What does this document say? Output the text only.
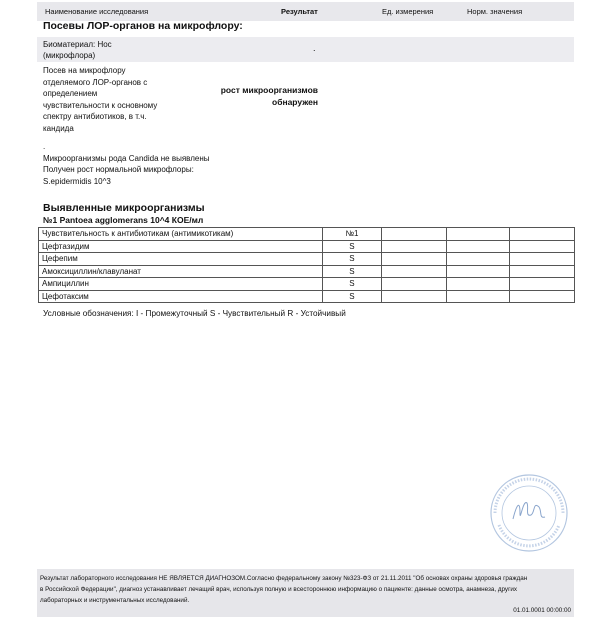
Наименование исследования	Результат	Ед. измерения	Норм. значения
Посевы ЛОР-органов на микрофлору:
Биоматериал: Нос
(микрофлора)
.
Посев на микрофлору
отделяемого ЛОР-органов с
определением
чувствительности к основному
спектру антибиотиков, в т.ч.
кандида
рост микроорганизмов
обнаружен
.
Микроорганизмы рода Candida не выявлены
Получен рост нормальной микрофлоры:
S.epidermidis 10^3
Выявленные микроорганизмы
№1 Pantoea agglomerans 10^4 КОЕ/мл
Чувствительность к антибиотикам (антимикотикам)	№1			
Цефтазидим	S			
Цефепим	S			
Амоксициллин/клавуланат	S			
Ампициллин	S			
Цефотаксим	S			
Условные обозначения: I - Промежуточный S - Чувствительный R - Устойчивый
Результат лабораторного исследования НЕ ЯВЛЯЕТСЯ ДИАГНОЗОМ.Согласно федеральному закону №323-ФЗ от 21.11.2011 "Об основах охраны здоровья граждан
в Российской Федерации", диагноз устанавливает лечащий врач, используя полную и всестороннюю информацию о пациенте: данные осмотра, анамнеза, других
лабораторных и инструментальных исследований.
01.01.0001 00:00:00
